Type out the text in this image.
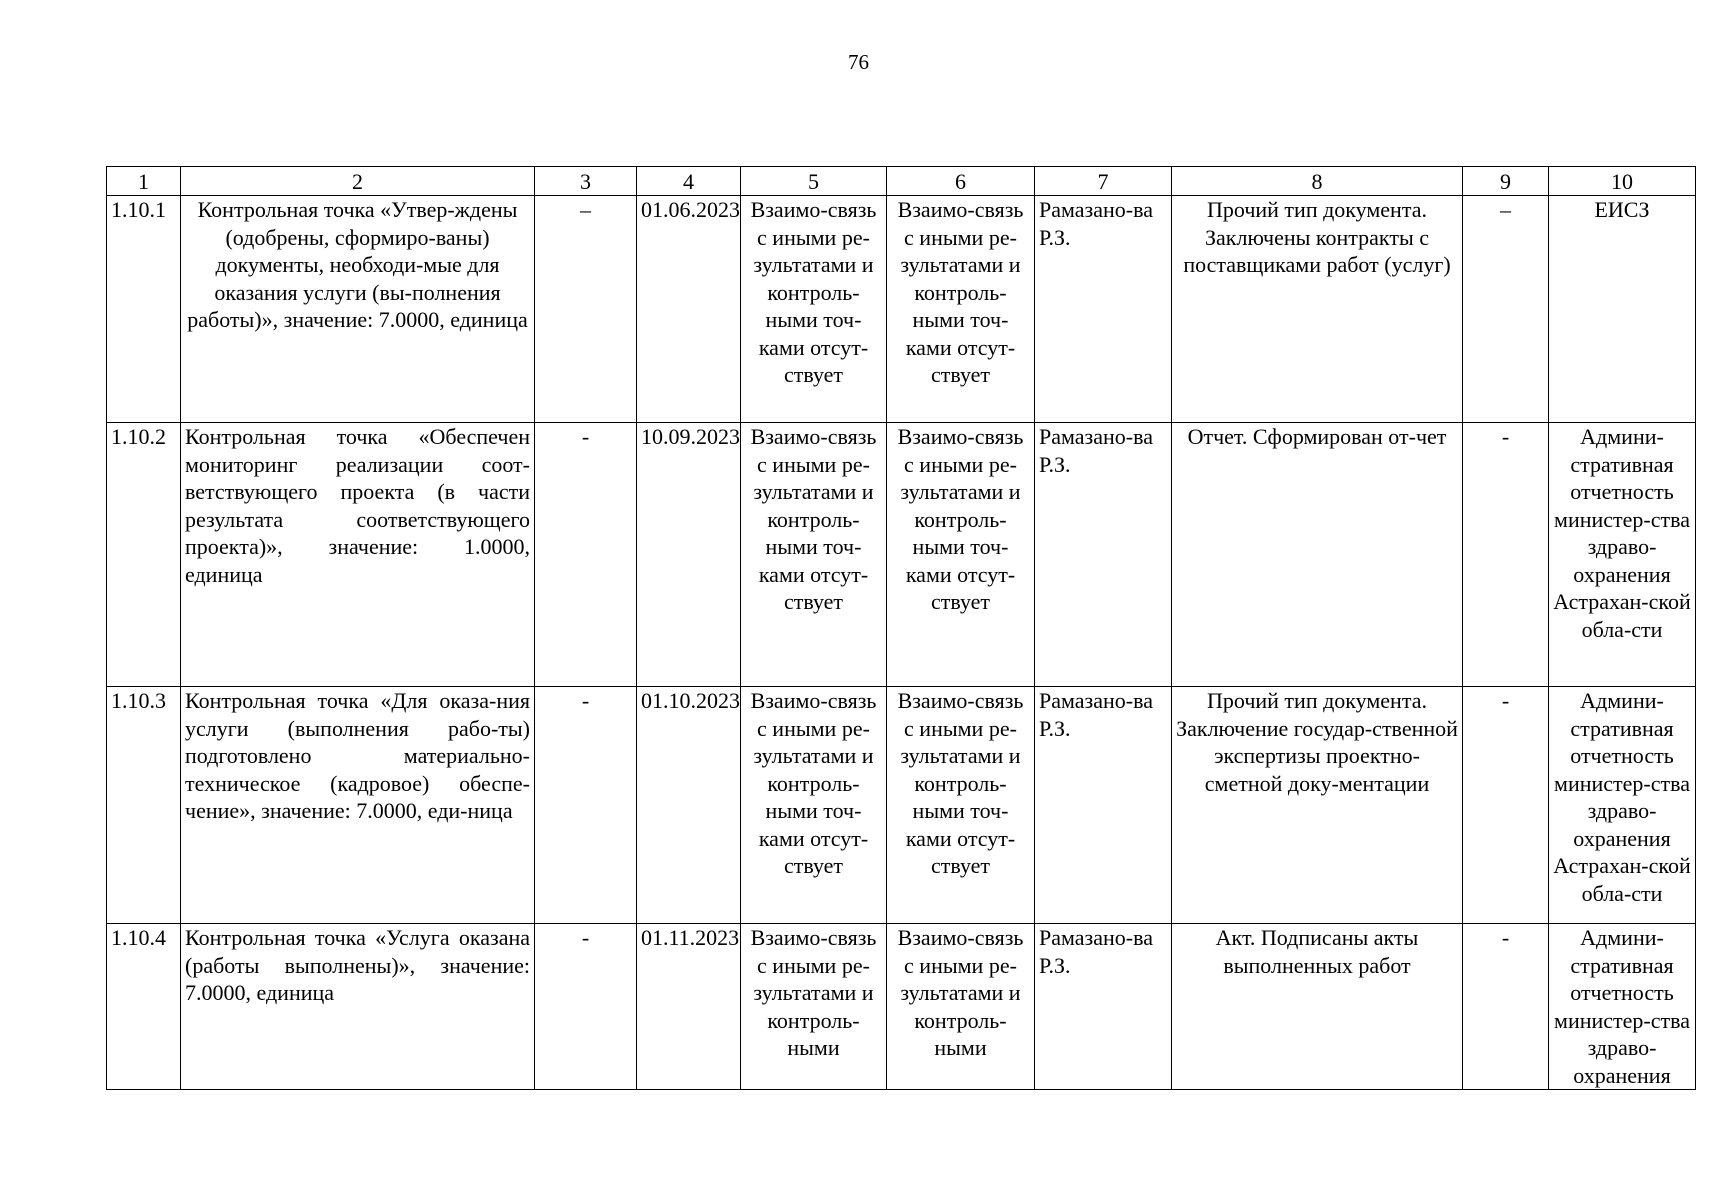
76
1	2	3	4	5	6	7	8	9	10
1.10.1	Контрольная точка «Утвер-ждены (одобрены, сформиро-ваны) документы, необходи-мые для оказания услуги (вы-полнения работы)», значение: 7.0000, единица	–	01.06.2023	Взаимо-связь с иными ре-зультатами и контроль-ными точ-ками отсут-ствует	Взаимо-связь с иными ре-зультатами и контроль-ными точ-ками отсут-ствует	Рамазано-ва Р.З.	Прочий тип документа. Заключены контракты с поставщиками работ (услуг)	–	ЕИСЗ
1.10.2	Контрольная точка «Обеспечен мониторинг реализации соот-ветствующего проекта (в части результата соответствующего проекта)», значение: 1.0000, единица	-	10.09.2023	Взаимо-связь с иными ре-зультатами и контроль-ными точ-ками отсут-ствует	Взаимо-связь с иными ре-зультатами и контроль-ными точ-ками отсут-ствует	Рамазано-ва Р.З.	Отчет. Сформирован от-чет	-	Админи-стративная отчетность министер-ства здраво-охранения Астрахан-ской обла-сти
1.10.3	Контрольная точка «Для оказа-ния услуги (выполнения рабо-ты) подготовлено материально-техническое (кадровое) обеспе-чение», значение: 7.0000, еди-ница	-	01.10.2023	Взаимо-связь с иными ре-зультатами и контроль-ными точ-ками отсут-ствует	Взаимо-связь с иными ре-зультатами и контроль-ными точ-ками отсут-ствует	Рамазано-ва Р.З.	Прочий тип документа. Заключение государ-ственной экспертизы проектно-сметной доку-ментации	-	Админи-стративная отчетность министер-ства здраво-охранения Астрахан-ской обла-сти
1.10.4	Контрольная точка «Услуга оказана (работы выполнены)», значение: 7.0000, единица	-	01.11.2023	Взаимо-связь с иными ре-зультатами и контроль-ными	Взаимо-связь с иными ре-зультатами и контроль-ными	Рамазано-ва Р.З.	Акт. Подписаны акты выполненных работ	-	Админи-стративная отчетность министер-ства здраво-охранения
